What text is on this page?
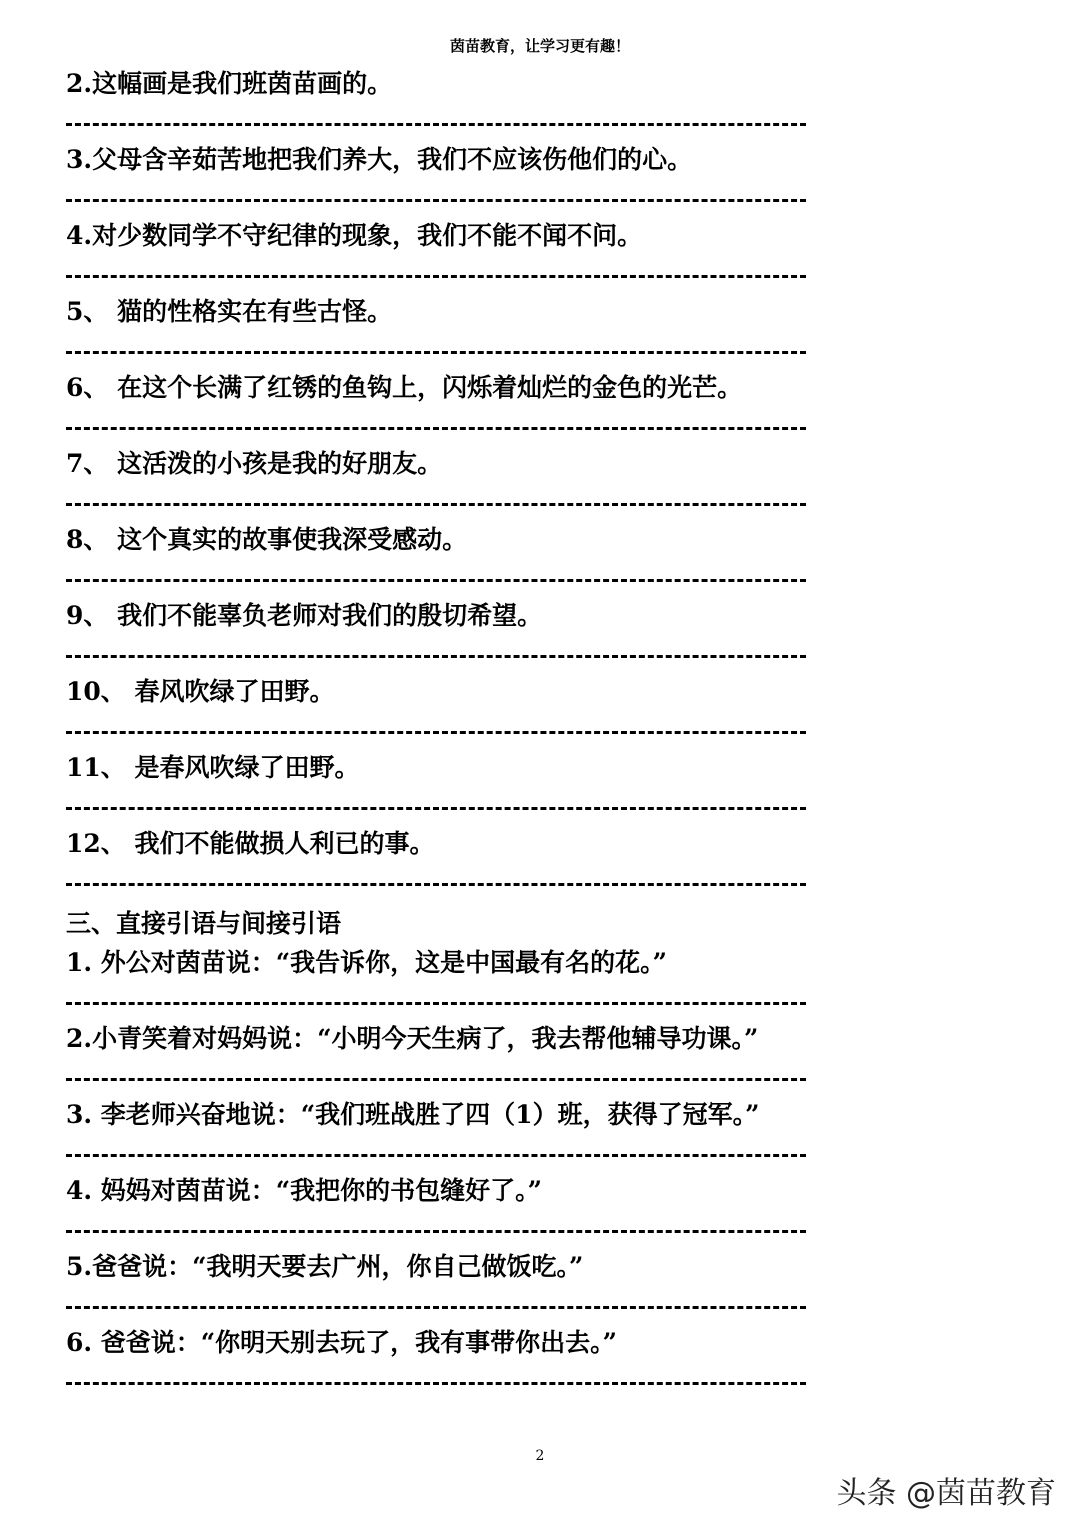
茵苗教育，让学习更有趣！
2.这幅画是我们班茵苗画的。
3.父母含辛茹苦地把我们养大，我们不应该伤他们的心。
4.对少数同学不守纪律的现象，我们不能不闻不问。
5、 猫的性格实在有些古怪。
6、 在这个长满了红锈的鱼钩上，闪烁着灿烂的金色的光芒。
7、 这活泼的小孩是我的好朋友。
8、 这个真实的故事使我深受感动。
9、 我们不能辜负老师对我们的殷切希望。
10、 春风吹绿了田野。
11、 是春风吹绿了田野。
12、 我们不能做损人利已的事。
三、直接引语与间接引语
1. 外公对茵苗说：“我告诉你，这是中国最有名的花。”
2.小青笑着对妈妈说：“小明今天生病了，我去帮他辅导功课。”
3. 李老师兴奋地说：“我们班战胜了四（1）班，获得了冠军。”
4. 妈妈对茵苗说：“我把你的书包缝好了。”
5.爸爸说：“我明天要去广州，你自己做饭吃。”
6. 爸爸说：“你明天别去玩了，我有事带你出去。”
2
头条 @茵苗教育
